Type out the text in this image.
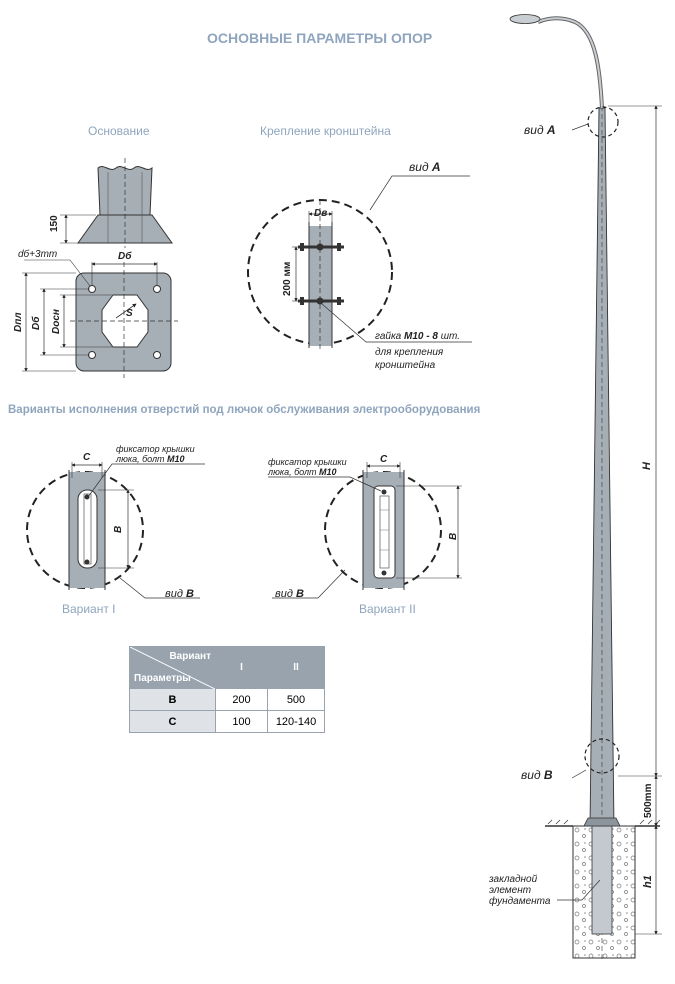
ОСНОВНЫЕ ПАРАМЕТРЫ ОПОР
Основание	Крепление кронштейна
Варианты исполнения отверстий под лючок обслуживания электрооборудования
Вариант I	Вариант II
150
dб+3mm	Dб
Dпл Dб Dосн	S
вид A
Dв
200 мм
гайка M10 - 8 шт.
для крепления
кронштейна
C
B
фиксатор крышки
люка, болт M10
вид B
C
B
фиксатор крышки
люка, болт M10
вид B
вид A
H
вид B
500mm
h1
закладной
элемент
фундамента
Вариант
Параметры	I	II

B	200	500
C	100	120-140
